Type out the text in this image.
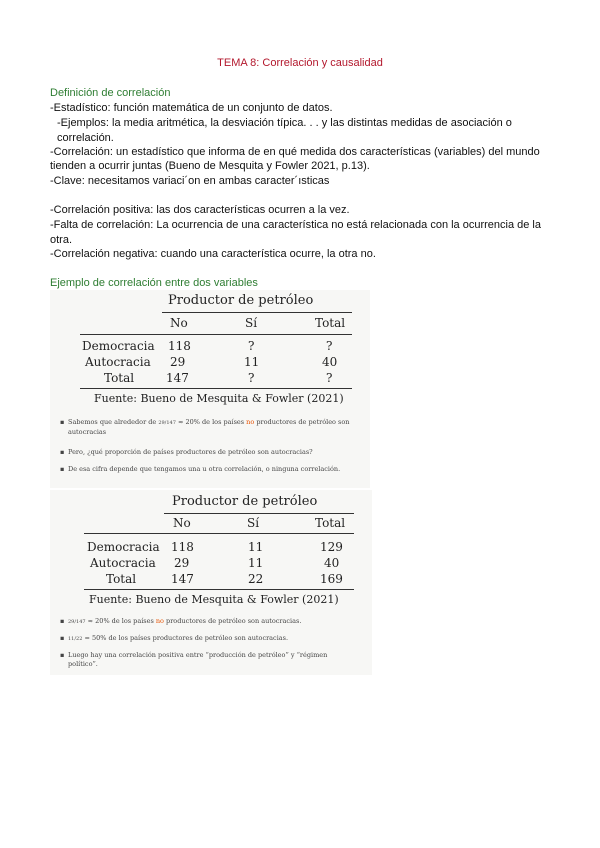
TEMA 8: Correlación y causalidad
Definición de correlación
-Estadístico: función matemática de un conjunto de datos.
-Ejemplos: la media aritmética, la desviación típica. . . y las distintas medidas de asociación o
correlación.
-Correlación: un estadístico que informa de en qué medida dos características (variables) del mundo
tienden a ocurrir juntas (Bueno de Mesquita y Fowler 2021, p.13).
-Clave: necesitamos variaci´on en ambas caracter´ısticas
-Correlación positiva: las dos características ocurren a la vez.
-Falta de correlación: La ocurrencia de una característica no está relacionada con la ocurrencia de la
otra.
-Correlación negativa: cuando una característica ocurre, la otra no.
Ejemplo de correlación entre dos variables
Productor de petróleo
No	Sí	Total
Democracia 118	?	?
Autocracia 29	11	40
Total	147	?	?
Fuente: Bueno de Mesquita & Fowler (2021)
▪ Sabemos que alrededor de 29/147 ≈ 20% de los países no productores de petróleo son autocracias
▪ Pero, ¿qué proporción de países productores de petróleo son autocracias?
▪ De esa cifra depende que tengamos una u otra correlación, o ninguna correlación.
Productor de petróleo
No	Sí	Total
Democracia 118	11	129
Autocracia 29	11	40
Total	147	22	169
Fuente: Bueno de Mesquita & Fowler (2021)
▪ 29/147 ≈ 20% de los países no productores de petróleo son autocracias.
▪ 11/22 = 50% de los países productores de petróleo son autocracias.
▪ Luego hay una correlación positiva entre “producción de petróleo” y “régimen político”.
